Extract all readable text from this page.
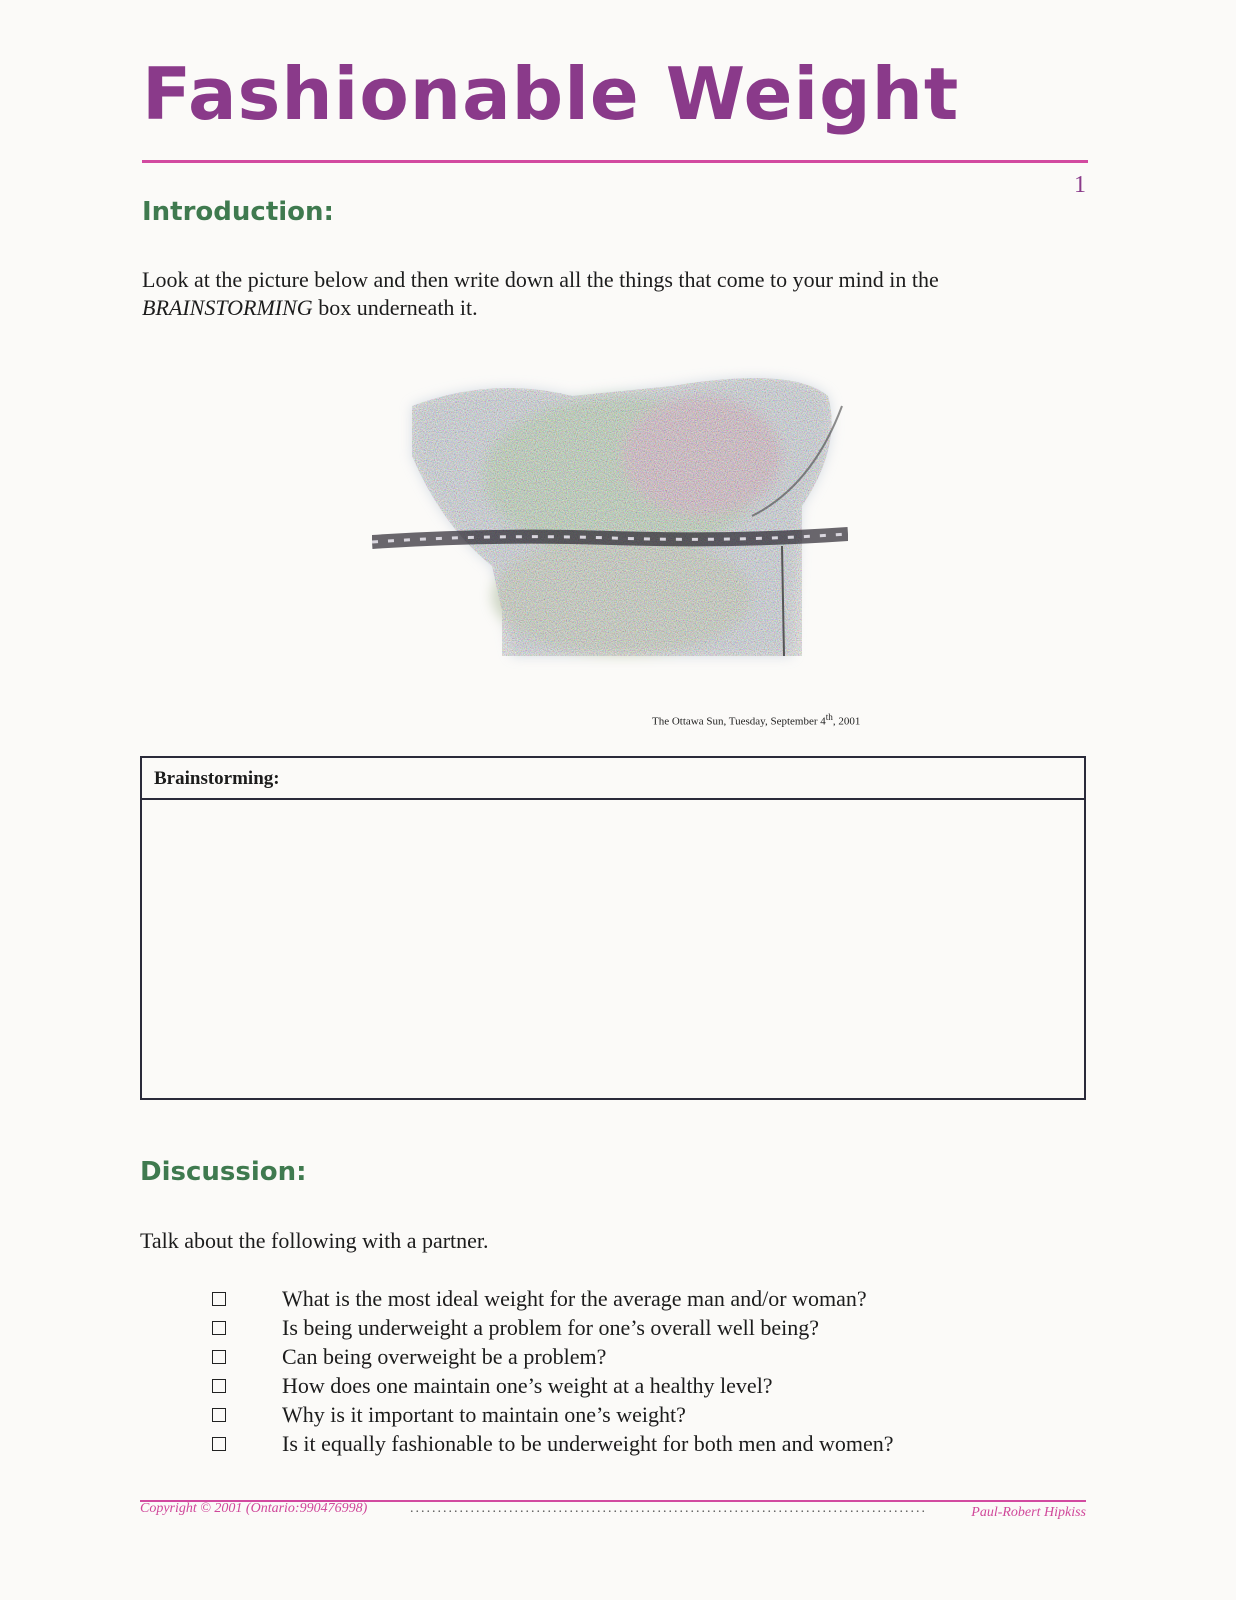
Fashionable Weight
1
Introduction:

Look at the picture below and then write down all the things that come to your mind in the BRAINSTORMING box underneath it.

The Ottawa Sun, Tuesday, September 4th, 2001
Brainstorming:
Discussion:

Talk about the following with a partner.

What is the most ideal weight for the average man and/or woman?
Is being underweight a problem for one’s overall well being?
Can being overweight be a problem?
How does one maintain one’s weight at a healthy level?
Why is it important to maintain one’s weight?
Is it equally fashionable to be underweight for both men and women?
Copyright © 2001 (Ontario:990476998)	..............................................................................................	Paul-Robert Hipkiss
